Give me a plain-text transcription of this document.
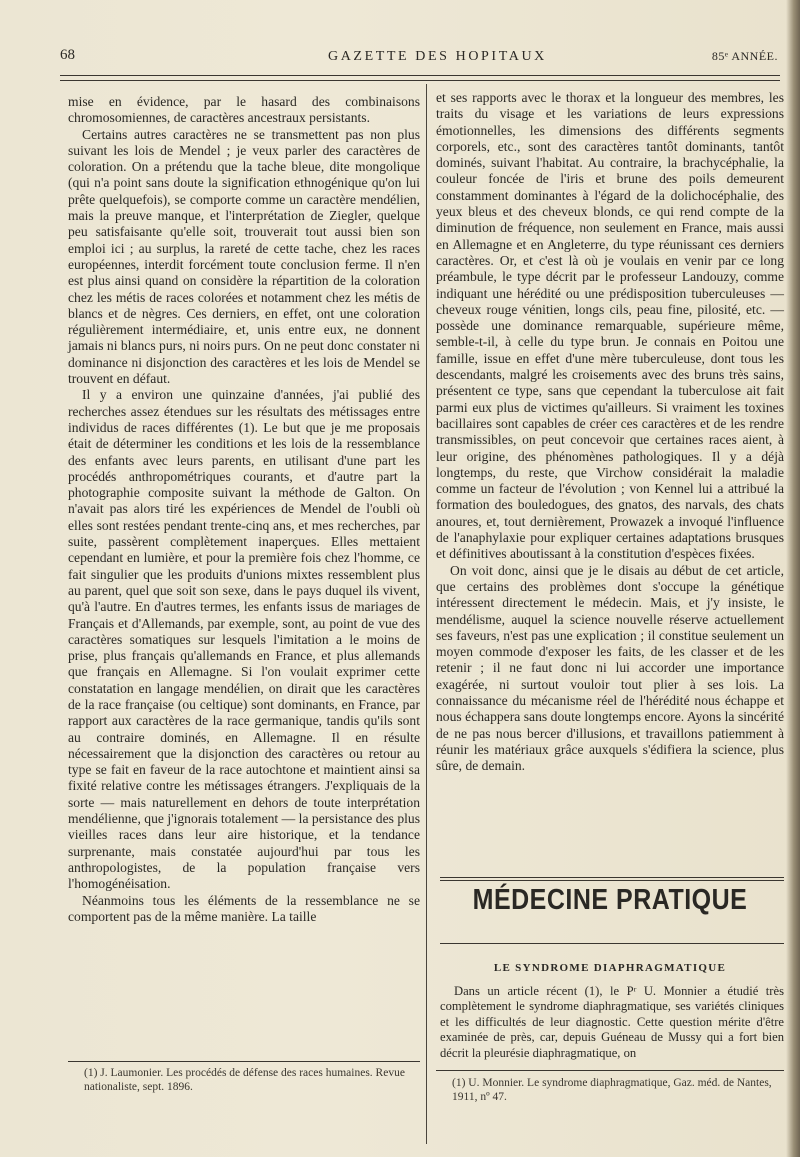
68	GAZETTE DES HOPITAUX	85ᵉ ANNÉE.

mise en évidence, par le hasard des combinaisons chromosomiennes, de caractères ancestraux persistants.

Certains autres caractères ne se transmettent pas non plus suivant les lois de Mendel ; je veux parler des caractères de coloration. On a prétendu que la tache bleue, dite mongolique (qui n'a point sans doute la signification ethnogénique qu'on lui prête quelquefois), se comporte comme un caractère mendélien, mais la preuve manque, et l'interprétation de Ziegler, quelque peu satisfaisante qu'elle soit, trouverait tout aussi bien son emploi ici ; au surplus, la rareté de cette tache, chez les races européennes, interdit forcément toute conclusion ferme. Il n'en est plus ainsi quand on considère la répartition de la coloration chez les métis de races colorées et notamment chez les métis de blancs et de nègres. Ces derniers, en effet, ont une coloration régulièrement intermédiaire, et, unis entre eux, ne donnent jamais ni blancs purs, ni noirs purs. On ne peut donc constater ni dominance ni disjonction des caractères et les lois de Mendel se trouvent en défaut.

Il y a environ une quinzaine d'années, j'ai publié des recherches assez étendues sur les résultats des métissages entre individus de races différentes (1). Le but que je me proposais était de déterminer les conditions et les lois de la ressemblance des enfants avec leurs parents, en utilisant d'une part les procédés anthropométriques courants, et d'autre part la photographie composite suivant la méthode de Galton. On n'avait pas alors tiré les expériences de Mendel de l'oubli où elles sont restées pendant trente-cinq ans, et mes recherches, par suite, passèrent complètement inaperçues. Elles mettaient cependant en lumière, et pour la première fois chez l'homme, ce fait singulier que les produits d'unions mixtes ressemblent plus au parent, quel que soit son sexe, dans le pays duquel ils vivent, qu'à l'autre. En d'autres termes, les enfants issus de mariages de Français et d'Allemands, par exemple, sont, au point de vue des caractères somatiques sur lesquels l'imitation a le moins de prise, plus français qu'allemands en France, et plus allemands que français en Allemagne. Si l'on voulait exprimer cette constatation en langage mendélien, on dirait que les caractères de la race française (ou celtique) sont dominants, en France, par rapport aux caractères de la race germanique, tandis qu'ils sont au contraire dominés, en Allemagne. Il en résulte nécessairement que la disjonction des caractères ou retour au type se fait en faveur de la race autochtone et maintient ainsi sa fixité relative contre les métissages étrangers. J'expliquais de la sorte — mais naturellement en dehors de toute interprétation mendélienne, que j'ignorais totalement — la persistance des plus vieilles races dans leur aire historique, et la tendance surprenante, mais constatée aujourd'hui par tous les anthropologistes, de la population française vers l'homogénéisation.

Néanmoins tous les éléments de la ressemblance ne se comportent pas de la même manière. La taille

(1) J. Laumonier. Les procédés de défense des races humaines. Revue nationaliste, sept. 1896.

et ses rapports avec le thorax et la longueur des membres, les traits du visage et les variations de leurs expressions émotionnelles, les dimensions des différents segments corporels, etc., sont des caractères tantôt dominants, tantôt dominés, suivant l'habitat. Au contraire, la brachycéphalie, la couleur foncée de l'iris et brune des poils demeurent constamment dominantes à l'égard de la dolichocéphalie, des yeux bleus et des cheveux blonds, ce qui rend compte de la diminution de fréquence, non seulement en France, mais aussi en Allemagne et en Angleterre, du type réunissant ces derniers caractères. Or, et c'est là où je voulais en venir par ce long préambule, le type décrit par le professeur Landouzy, comme indiquant une hérédité ou une prédisposition tuberculeuses — cheveux rouge vénitien, longs cils, peau fine, pilosité, etc. — possède une dominance remarquable, supérieure même, semble-t-il, à celle du type brun. Je connais en Poitou une famille, issue en effet d'une mère tuberculeuse, dont tous les descendants, malgré les croisements avec des bruns très sains, présentent ce type, sans que cependant la tuberculose ait fait parmi eux plus de victimes qu'ailleurs. Si vraiment les toxines bacillaires sont capables de créer ces caractères et de les rendre transmissibles, on peut concevoir que certaines races aient, à leur origine, des phénomènes pathologiques. Il y a déjà longtemps, du reste, que Virchow considérait la maladie comme un facteur de l'évolution ; von Kennel lui a attribué la formation des bouledogues, des gnatos, des narvals, des chats anoures, et, tout dernièrement, Prowazek a invoqué l'influence de l'anaphylaxie pour expliquer certaines adaptations brusques et définitives aboutissant à la constitution d'espèces fixées.

On voit donc, ainsi que je le disais au début de cet article, que certains des problèmes dont s'occupe la génétique intéressent directement le médecin. Mais, et j'y insiste, le mendélisme, auquel la science nouvelle réserve actuellement ses faveurs, n'est pas une explication ; il constitue seulement un moyen commode d'exposer les faits, de les classer et de les retenir ; il ne faut donc ni lui accorder une importance exagérée, ni surtout vouloir tout plier à ses lois. La connaissance du mécanisme réel de l'hérédité nous échappe et nous échappera sans doute longtemps encore. Ayons la sincérité de ne pas nous bercer d'illusions, et travaillons patiemment à réunir les matériaux grâce auxquels s'édifiera la science, plus sûre, de demain.

MÉDECINE PRATIQUE
LE SYNDROME DIAPHRAGMATIQUE

Dans un article récent (1), le Pʳ U. Monnier a étudié très complètement le syndrome diaphragmatique, ses variétés cliniques et les difficultés de leur diagnostic. Cette question mérite d'être examinée de près, car, depuis Guéneau de Mussy qui a fort bien décrit la pleurésie diaphragmatique, on

(1) U. Monnier. Le syndrome diaphragmatique, Gaz. méd. de Nantes, 1911, nº 47.
